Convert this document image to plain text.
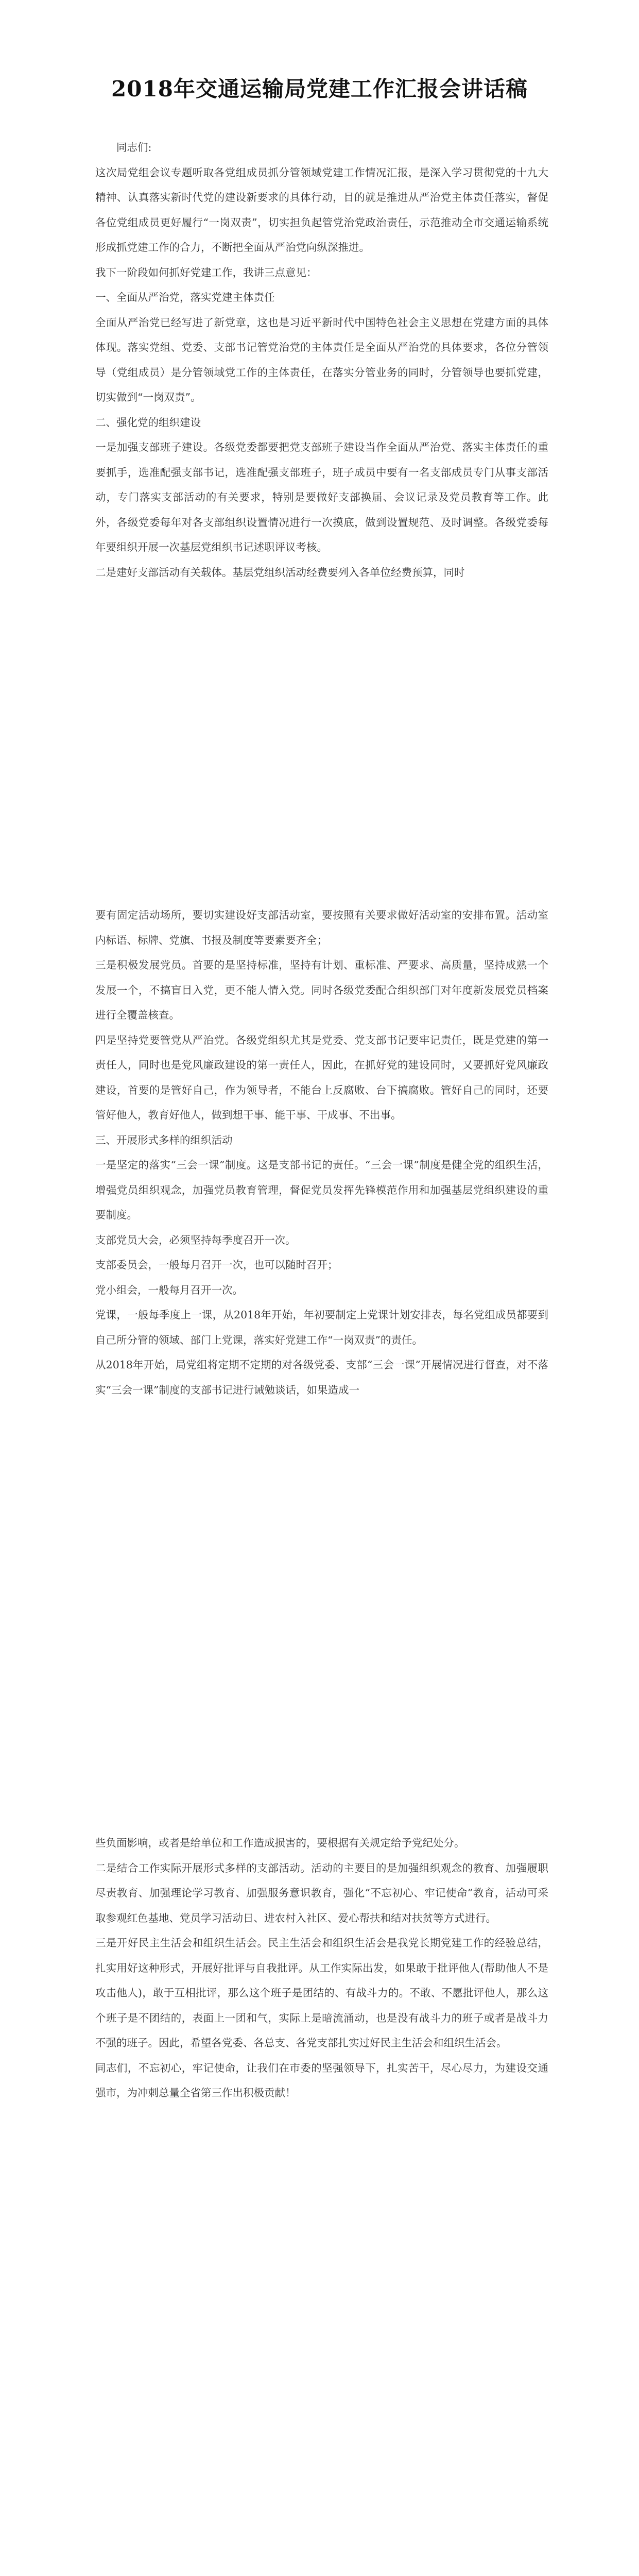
2018年交通运输局党建工作汇报会讲话稿

同志们:

这次局党组会议专题听取各党组成员抓分管领域党建工作情况汇报，是深入学习贯彻党的十九大精神、认真落实新时代党的建设新要求的具体行动，目的就是推进从严治党主体责任落实，督促各位党组成员更好履行“一岗双责”，切实担负起管党治党政治责任，示范推动全市交通运输系统形成抓党建工作的合力，不断把全面从严治党向纵深推进。

我下一阶段如何抓好党建工作，我讲三点意见：

一、全面从严治党，落实党建主体责任

全面从严治党已经写进了新党章，这也是习近平新时代中国特色社会主义思想在党建方面的具体体现。落实党组、党委、支部书记管党治党的主体责任是全面从严治党的具体要求，各位分管领导（党组成员）是分管领域党工作的主体责任，在落实分管业务的同时，分管领导也要抓党建，切实做到“一岗双责”。

二、强化党的组织建设

一是加强支部班子建设。各级党委都要把党支部班子建设当作全面从严治党、落实主体责任的重要抓手，选准配强支部书记，选准配强支部班子，班子成员中要有一名支部成员专门从事支部活动，专门落实支部活动的有关要求，特别是要做好支部换届、会议记录及党员教育等工作。此外，各级党委每年对各支部组织设置情况进行一次摸底，做到设置规范、及时调整。各级党委每年要组织开展一次基层党组织书记述职评议考核。

二是建好支部活动有关载体。基层党组织活动经费要列入各单位经费预算，同时

要有固定活动场所，要切实建设好支部活动室，要按照有关要求做好活动室的安排布置。活动室内标语、标牌、党旗、书报及制度等要素要齐全；

三是积极发展党员。首要的是坚持标准，坚持有计划、重标准、严要求、高质量，坚持成熟一个发展一个，不搞盲目入党，更不能人情入党。同时各级党委配合组织部门对年度新发展党员档案进行全覆盖核查。

四是坚持党要管党从严治党。各级党组织尤其是党委、党支部书记要牢记责任，既是党建的第一责任人，同时也是党风廉政建设的第一责任人，因此，在抓好党的建设同时，又要抓好党风廉政建设，首要的是管好自己，作为领导者，不能台上反腐败、台下搞腐败。管好自己的同时，还要管好他人，教育好他人，做到想干事、能干事、干成事、不出事。

三、开展形式多样的组织活动

一是坚定的落实“三会一课”制度。这是支部书记的责任。“三会一课”制度是健全党的组织生活，增强党员组织观念，加强党员教育管理，督促党员发挥先锋模范作用和加强基层党组织建设的重要制度。

支部党员大会，必须坚持每季度召开一次。

支部委员会，一般每月召开一次，也可以随时召开；

党小组会，一般每月召开一次。

党课，一般每季度上一课，从2018年开始，年初要制定上党课计划安排表，每名党组成员都要到自己所分管的领域、部门上党课，落实好党建工作“一岗双责”的责任。

从2018年开始，局党组将定期不定期的对各级党委、支部“三会一课”开展情况进行督查，对不落实“三会一课”制度的支部书记进行诫勉谈话，如果造成一

些负面影响，或者是给单位和工作造成损害的，要根据有关规定给予党纪处分。

二是结合工作实际开展形式多样的支部活动。活动的主要目的是加强组织观念的教育、加强履职尽责教育、加强理论学习教育、加强服务意识教育，强化“不忘初心、牢记使命”教育，活动可采取参观红色基地、党员学习活动日、进农村入社区、爱心帮扶和结对扶贫等方式进行。

三是开好民主生活会和组织生活会。民主生活会和组织生活会是我党长期党建工作的经验总结，扎实用好这种形式，开展好批评与自我批评。从工作实际出发，如果敢于批评他人(帮助他人不是攻击他人)，敢于互相批评，那么这个班子是团结的、有战斗力的。不敢、不愿批评他人，那么这个班子是不团结的，表面上一团和气，实际上是暗流涌动，也是没有战斗力的班子或者是战斗力不强的班子。因此，希望各党委、各总支、各党支部扎实过好民主生活会和组织生活会。

同志们，不忘初心，牢记使命，让我们在市委的坚强领导下，扎实苦干，尽心尽力，为建设交通强市，为冲刺总量全省第三作出积极贡献！
